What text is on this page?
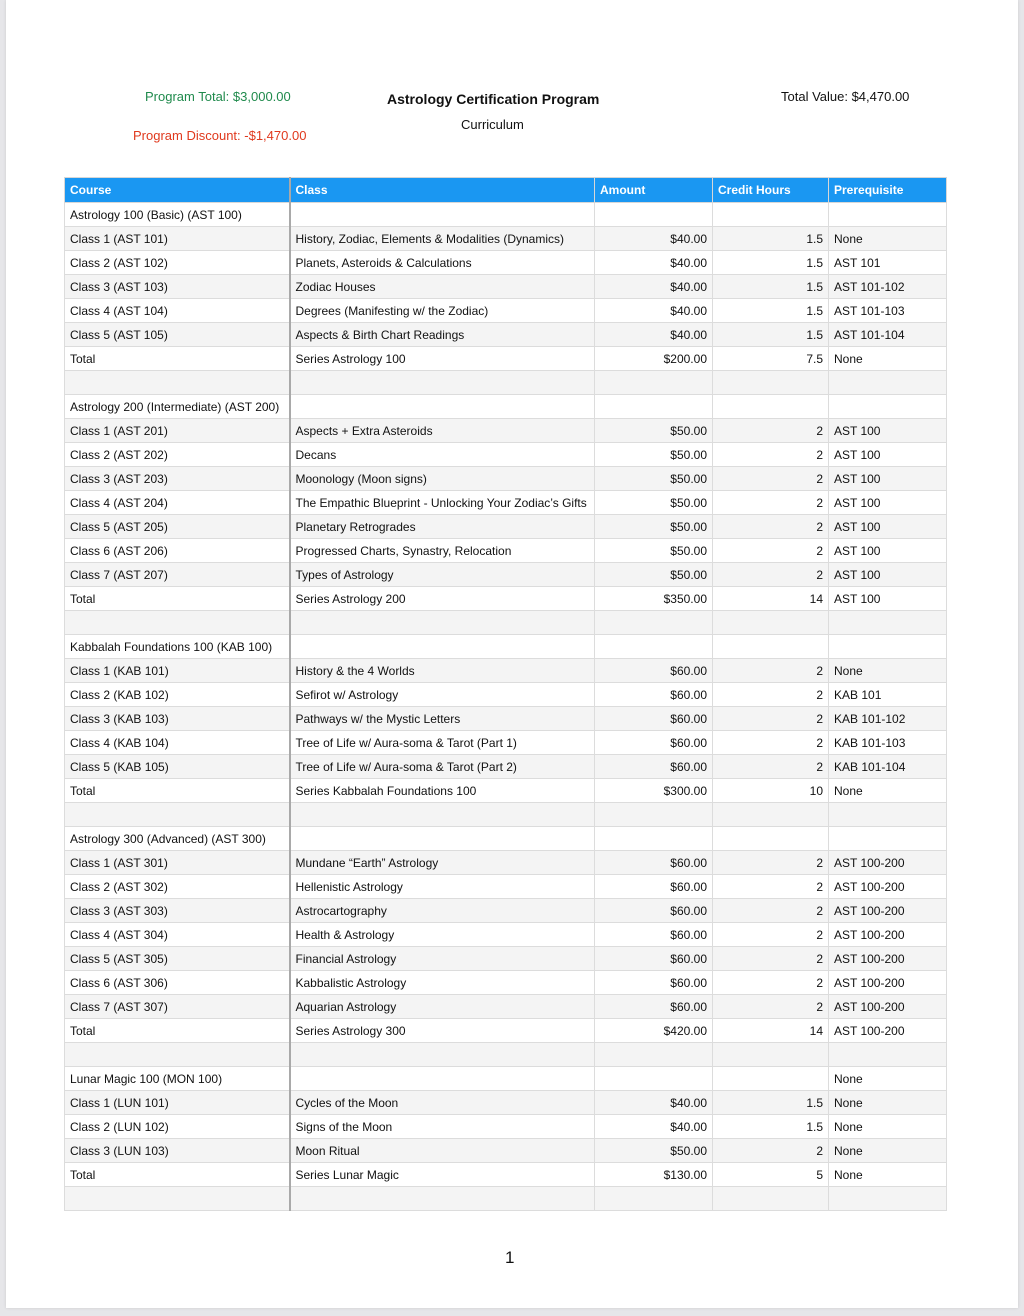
Program Total: $3,000.00
Program Discount: -$1,470.00
Astrology Certification Program
Curriculum
Total Value: $4,470.00
Course	Class	Amount	Credit Hours	Prerequisite
Astrology 100 (Basic) (AST 100)				
Class 1 (AST 101)	History, Zodiac, Elements & Modalities (Dynamics)	$40.00	1.5	None
Class 2 (AST 102)	Planets, Asteroids & Calculations	$40.00	1.5	AST 101
Class 3 (AST 103)	Zodiac Houses	$40.00	1.5	AST 101-102
Class 4 (AST 104)	Degrees (Manifesting w/ the Zodiac)	$40.00	1.5	AST 101-103
Class 5 (AST 105)	Aspects & Birth Chart Readings	$40.00	1.5	AST 101-104
Total	Series Astrology 100	$200.00	7.5	None

Astrology 200 (Intermediate) (AST 200)				
Class 1 (AST 201)	Aspects + Extra Asteroids	$50.00	2	AST 100
Class 2 (AST 202)	Decans	$50.00	2	AST 100
Class 3 (AST 203)	Moonology (Moon signs)	$50.00	2	AST 100
Class 4 (AST 204)	The Empathic Blueprint - Unlocking Your Zodiac’s Gifts	$50.00	2	AST 100
Class 5 (AST 205)	Planetary Retrogrades	$50.00	2	AST 100
Class 6 (AST 206)	Progressed Charts, Synastry, Relocation	$50.00	2	AST 100
Class 7 (AST 207)	Types of Astrology	$50.00	2	AST 100
Total	Series Astrology 200	$350.00	14	AST 100

Kabbalah Foundations 100 (KAB 100)				
Class 1 (KAB 101)	History & the 4 Worlds	$60.00	2	None
Class 2 (KAB 102)	Sefirot w/ Astrology	$60.00	2	KAB 101
Class 3 (KAB 103)	Pathways w/ the Mystic Letters	$60.00	2	KAB 101-102
Class 4 (KAB 104)	Tree of Life w/ Aura-soma & Tarot (Part 1)	$60.00	2	KAB 101-103
Class 5 (KAB 105)	Tree of Life w/ Aura-soma & Tarot (Part 2)	$60.00	2	KAB 101-104
Total	Series Kabbalah Foundations 100	$300.00	10	None

Astrology 300 (Advanced) (AST 300)				
Class 1 (AST 301)	Mundane “Earth” Astrology	$60.00	2	AST 100-200
Class 2 (AST 302)	Hellenistic Astrology	$60.00	2	AST 100-200
Class 3 (AST 303)	Astrocartography	$60.00	2	AST 100-200
Class 4 (AST 304)	Health & Astrology	$60.00	2	AST 100-200
Class 5 (AST 305)	Financial Astrology	$60.00	2	AST 100-200
Class 6 (AST 306)	Kabbalistic Astrology	$60.00	2	AST 100-200
Class 7 (AST 307)	Aquarian Astrology	$60.00	2	AST 100-200
Total	Series Astrology 300	$420.00	14	AST 100-200

Lunar Magic 100 (MON 100)				None
Class 1 (LUN 101)	Cycles of the Moon	$40.00	1.5	None
Class 2 (LUN 102)	Signs of the Moon	$40.00	1.5	None
Class 3 (LUN 103)	Moon Ritual	$50.00	2	None
Total	Series Lunar Magic	$130.00	5	None

1
